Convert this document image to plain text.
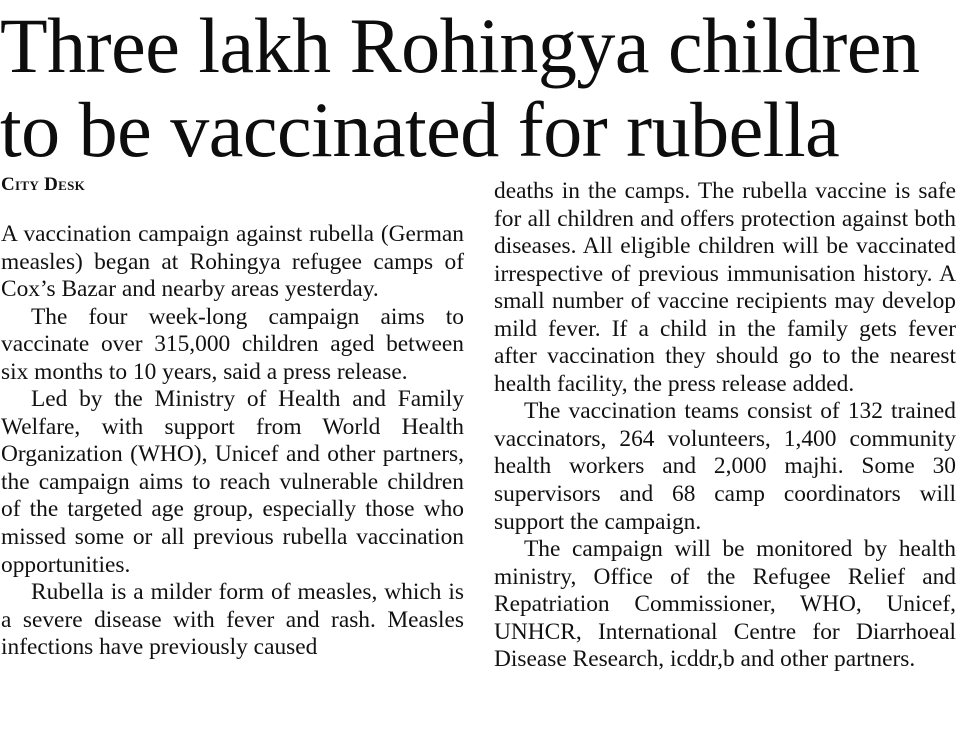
Three lakh Rohingya children
to be vaccinated for rubella
City Desk

A vaccination campaign against rubella (German measles) began at Rohingya refugee camps of Cox’s Bazar and nearby areas yesterday.

The four week-long campaign aims to vaccinate over 315,000 children aged between six months to 10 years, said a press release.

Led by the Ministry of Health and Family Welfare, with support from World Health Organization (WHO), Unicef and other partners, the campaign aims to reach vulnerable children of the targeted age group, especially those who missed some or all previous rubella vaccination opportunities.

Rubella is a milder form of measles, which is a severe disease with fever and rash. Measles infections have previously caused

deaths in the camps. The rubella vaccine is safe for all children and offers protection against both diseases. All eligible children will be vaccinated irrespective of previous immunisation history. A small number of vaccine recipients may develop mild fever. If a child in the family gets fever after vaccination they should go to the nearest health facility, the press release added.

The vaccination teams consist of 132 trained vaccinators, 264 volunteers, 1,400 community health workers and 2,000 majhi. Some 30 supervisors and 68 camp coordinators will support the campaign.

The campaign will be monitored by health ministry, Office of the Refugee Relief and Repatriation Commissioner, WHO, Unicef, UNHCR, International Centre for Diarrhoeal Disease Research, icddr,b and other partners.
